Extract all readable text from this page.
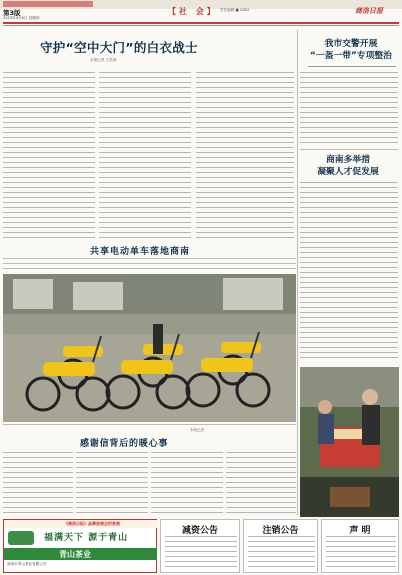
第3版
2023年4月6日 星期四
【社 会】 责任编辑 ■ 2883	商洛日报
守护“空中大门”的白衣战士
本报记者 王武涛
我市交警开展
“一盔一带”专项整治
商南多举措
凝聚人才促发展
共享电动单车落地商南
本报记者
感谢信背后的暖心事
《商洛日报》品牌进商企形象展
福满天下 源于青山
青山茶业
商洛市青山茶业有限公司
减资公告	注销公告	声 明
